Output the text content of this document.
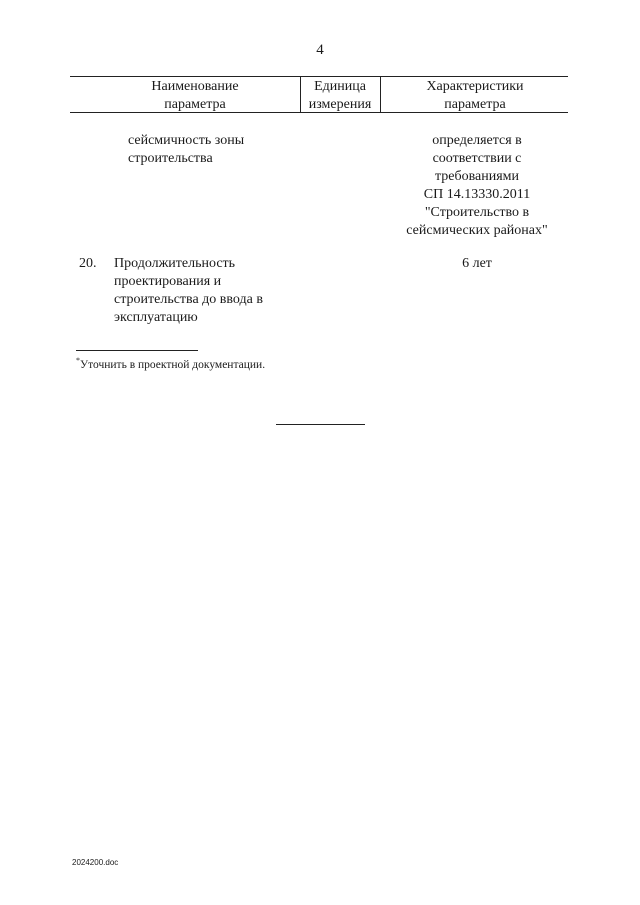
4
Наименование
параметра
Единица
измерения
Характеристики
параметра
сейсмичность зоны
строительства
определяется в
соответствии с
требованиями
СП 14.13330.2011
"Строительство в
сейсмических районах"
20. Продолжительность
проектирования и
строительства до ввода в
эксплуатацию
6 лет
*Уточнить в проектной документации.
2024200.doc
